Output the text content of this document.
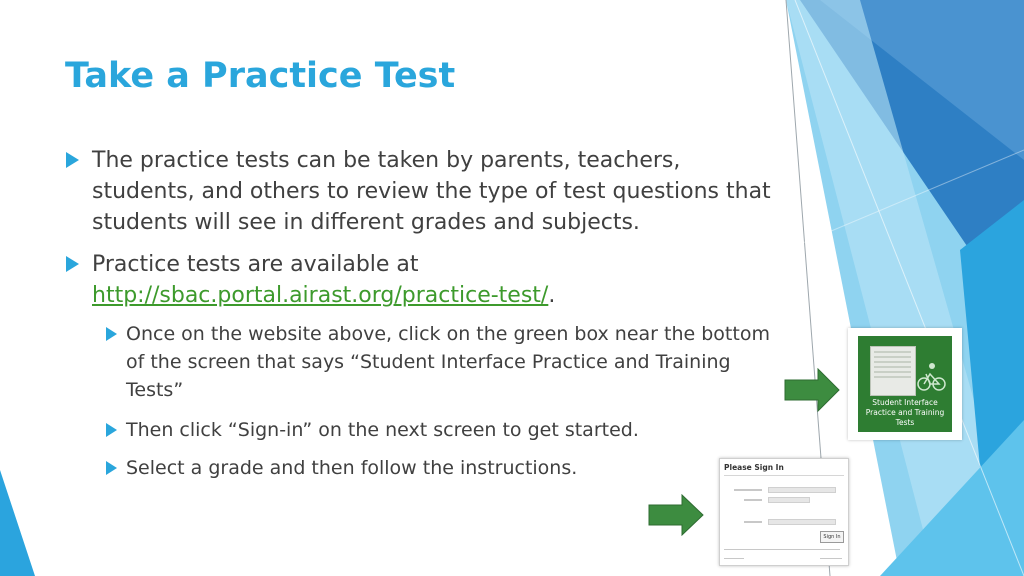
Take a Practice Test
The practice tests can be taken by parents, teachers, students, and others to review the type of test questions that students will see in different grades and subjects.
Practice tests are available at
http://sbac.portal.airast.org/practice-test/.
Once on the website above, click on the green box near the bottom of the screen that says “Student Interface Practice and Training Tests”
Then click “Sign-in” on the next screen to get started.
Select a grade and then follow the instructions.
Student Interface Practice and Training Tests
Please Sign In
Sign In
